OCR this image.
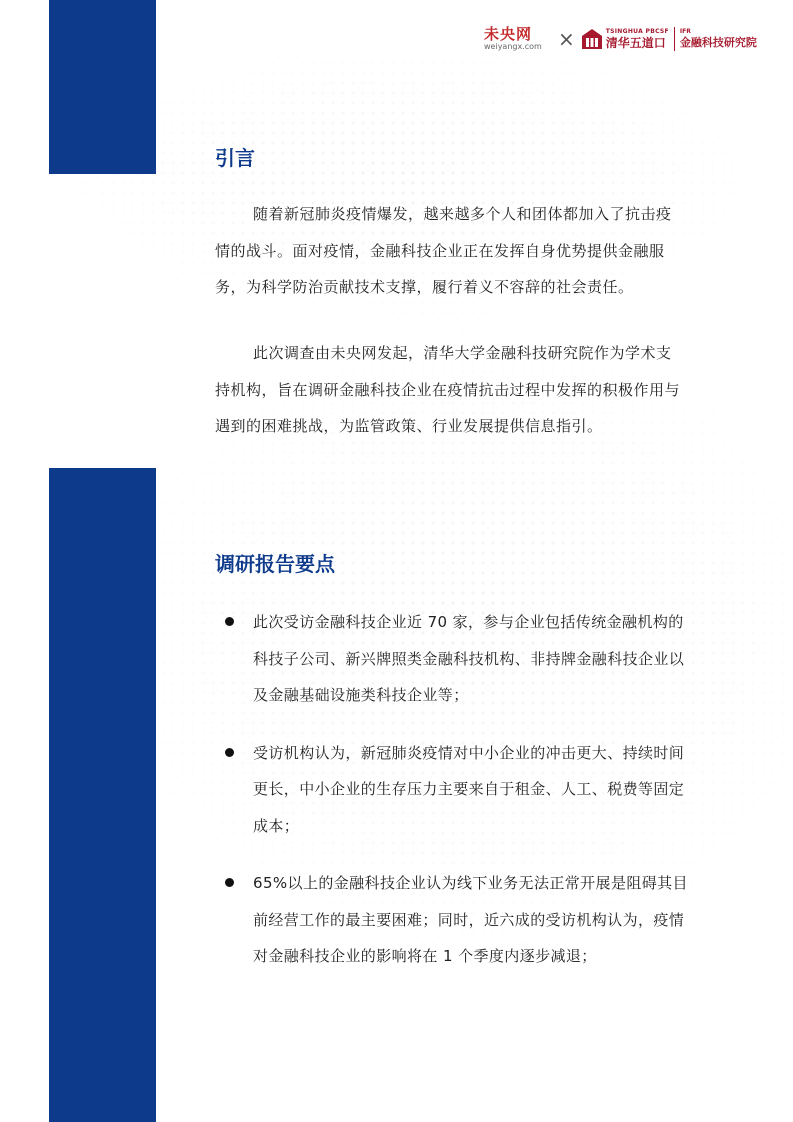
未央网
weiyangx.com ×	TSINGHUA PBCSF
清华五道口
IFR
金融科技研究院
引言

随着新冠肺炎疫情爆发，越来越多个人和团体都加入了抗击疫情的战斗。面对疫情，金融科技企业正在发挥自身优势提供金融服务，为科学防治贡献技术支撑，履行着义不容辞的社会责任。

此次调查由未央网发起，清华大学金融科技研究院作为学术支持机构，旨在调研金融科技企业在疫情抗击过程中发挥的积极作用与遇到的困难挑战，为监管政策、行业发展提供信息指引。

调研报告要点
此次受访金融科技企业近 70 家，参与企业包括传统金融机构的科技子公司、新兴牌照类金融科技机构、非持牌金融科技企业以及金融基础设施类科技企业等；
受访机构认为，新冠肺炎疫情对中小企业的冲击更大、持续时间更长，中小企业的生存压力主要来自于租金、人工、税费等固定成本；
65%以上的金融科技企业认为线下业务无法正常开展是阻碍其目前经营工作的最主要困难；同时，近六成的受访机构认为，疫情对金融科技企业的影响将在 1 个季度内逐步减退；
